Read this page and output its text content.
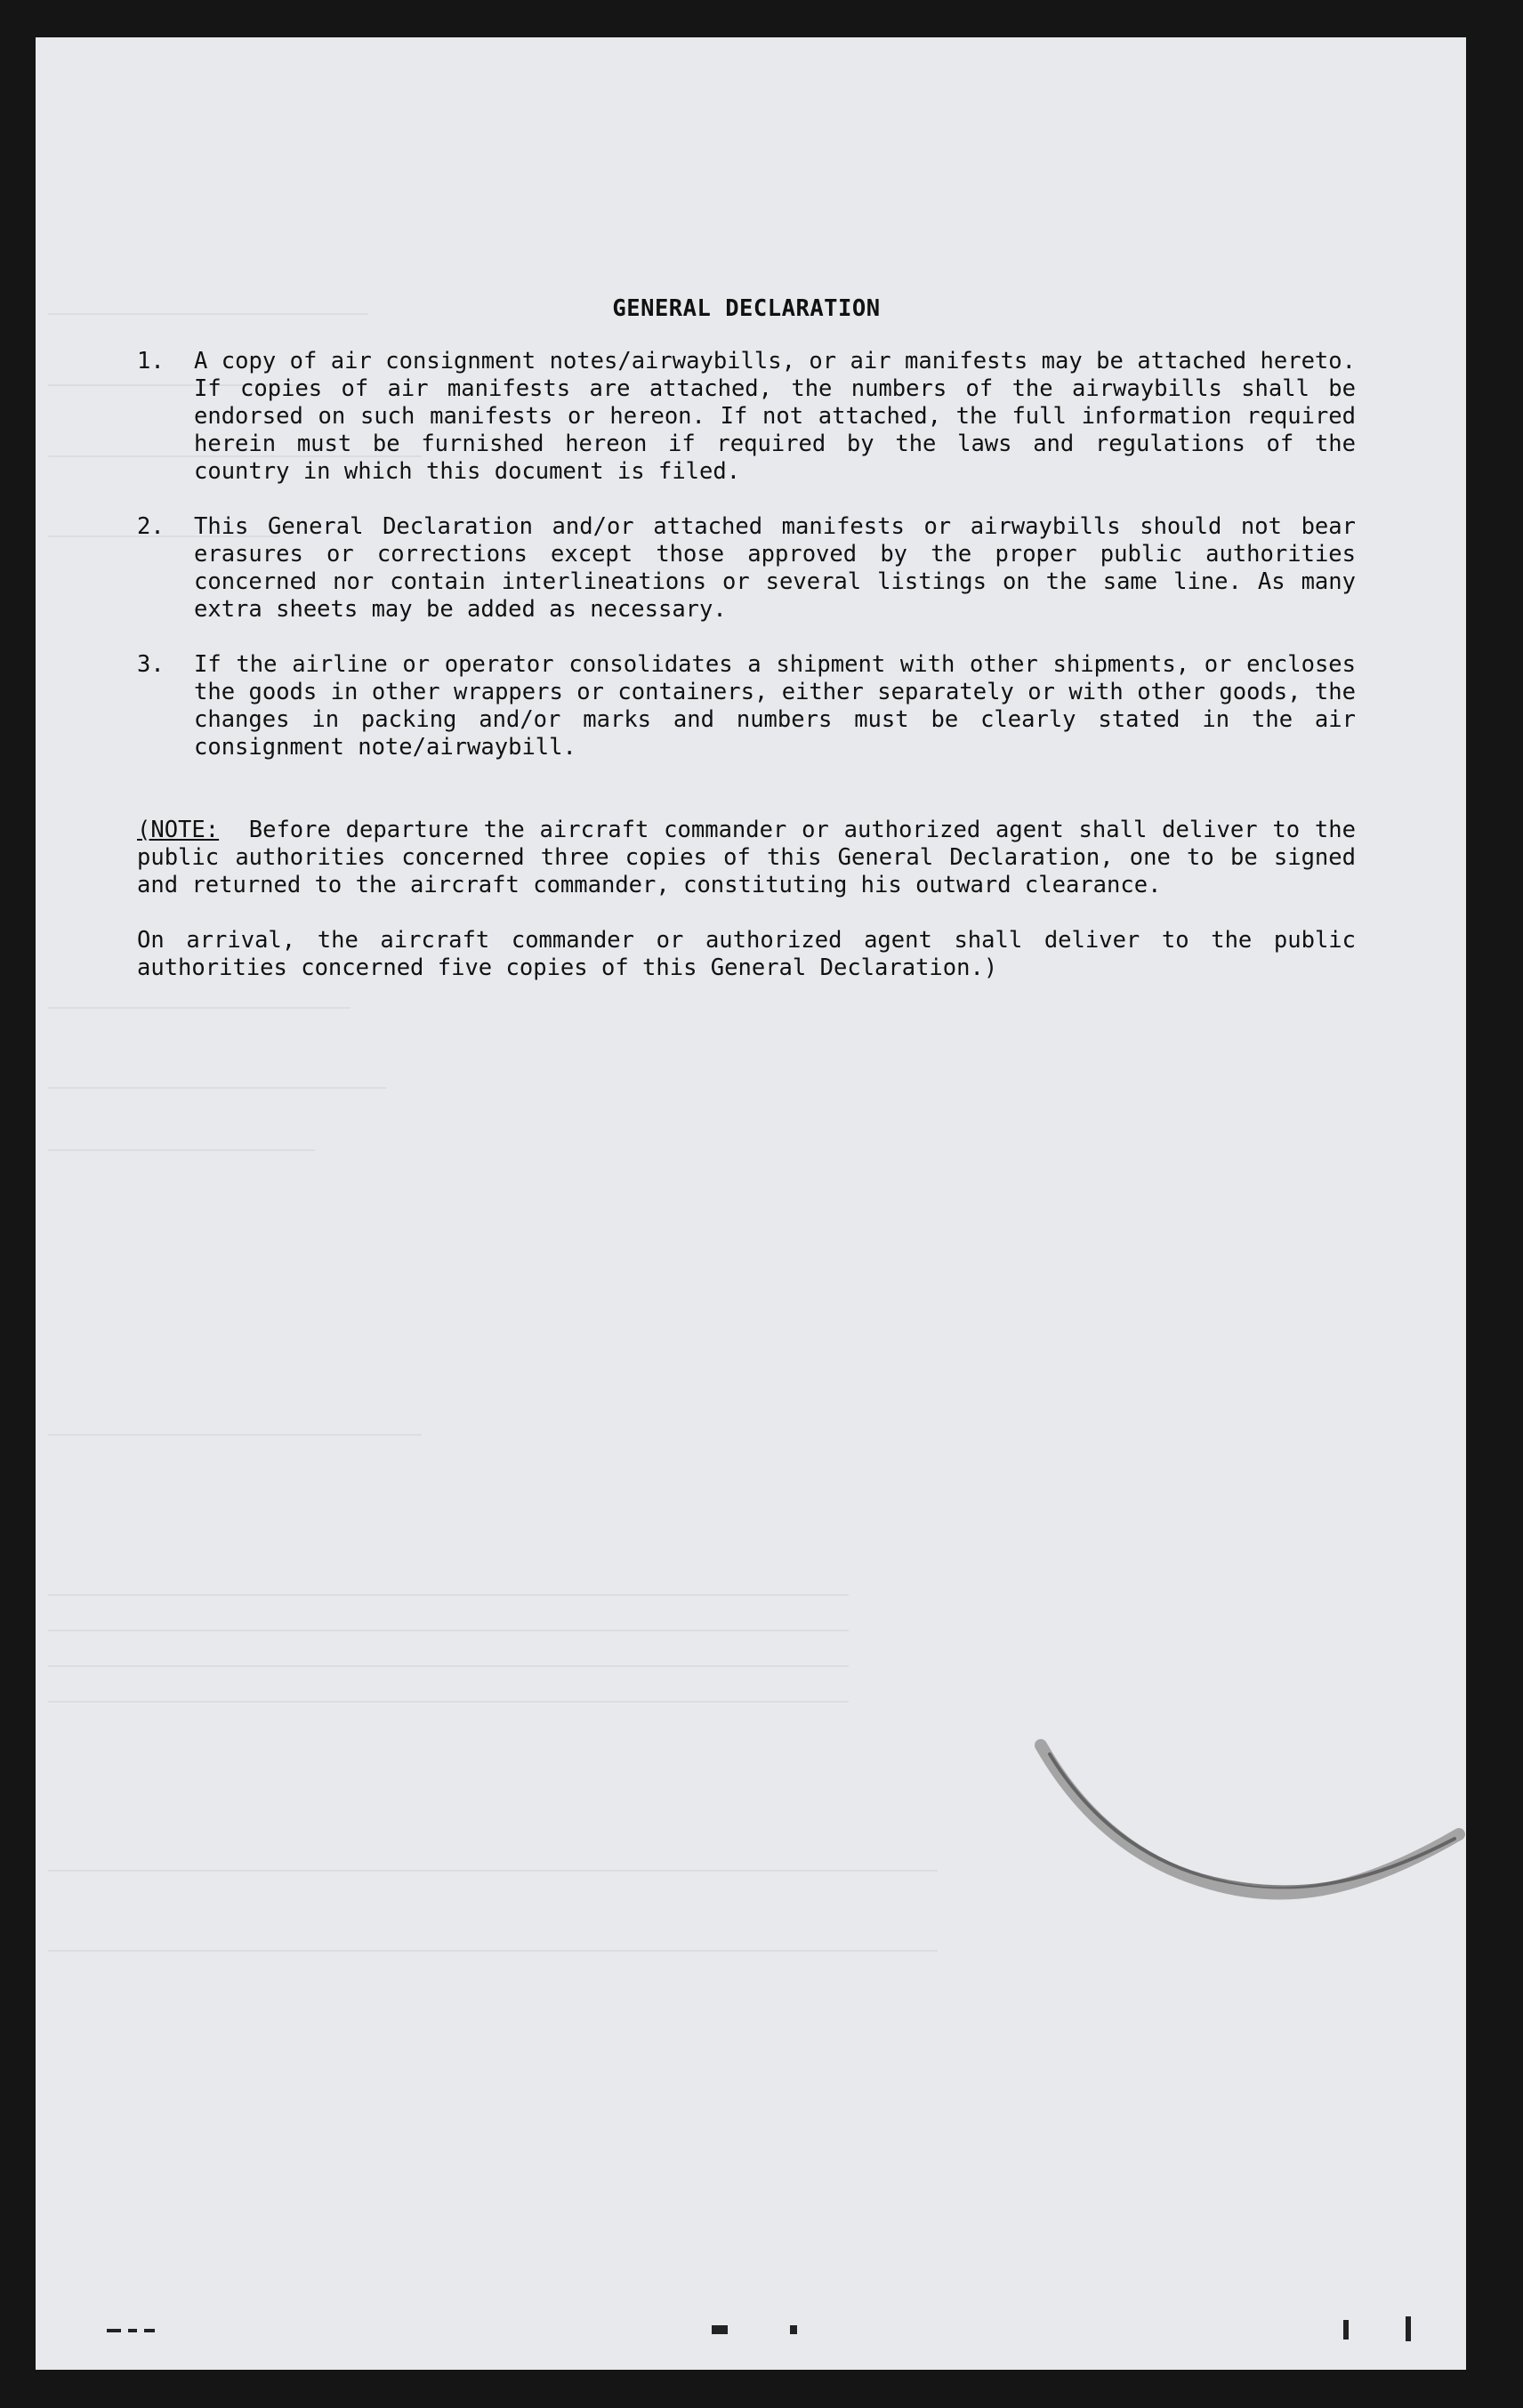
GENERAL DECLARATION
1.	A copy of air consignment notes/airwaybills, or air manifests may be attached hereto. If copies of air manifests are attached, the numbers of the airwaybills shall be endorsed on such manifests or hereon. If not attached, the full information required herein must be furnished hereon if required by the laws and regulations of the country in which this document is filed.
2.	This General Declaration and/or attached manifests or airwaybills should not bear erasures or corrections except those approved by the proper public authorities concerned nor contain interlineations or several listings on the same line. As many extra sheets may be added as necessary.
3.	If the airline or operator consolidates a shipment with other shipments, or encloses the goods in other wrappers or containers, either separately or with other goods, the changes in packing and/or marks and numbers must be clearly stated in the air consignment note/airwaybill.

(NOTE: Before departure the aircraft commander or authorized agent shall deliver to the public authorities concerned three copies of this General Declaration, one to be signed and returned to the aircraft commander, constituting his outward clearance.

On arrival, the aircraft commander or authorized agent shall deliver to the public authorities concerned five copies of this General Declaration.)
